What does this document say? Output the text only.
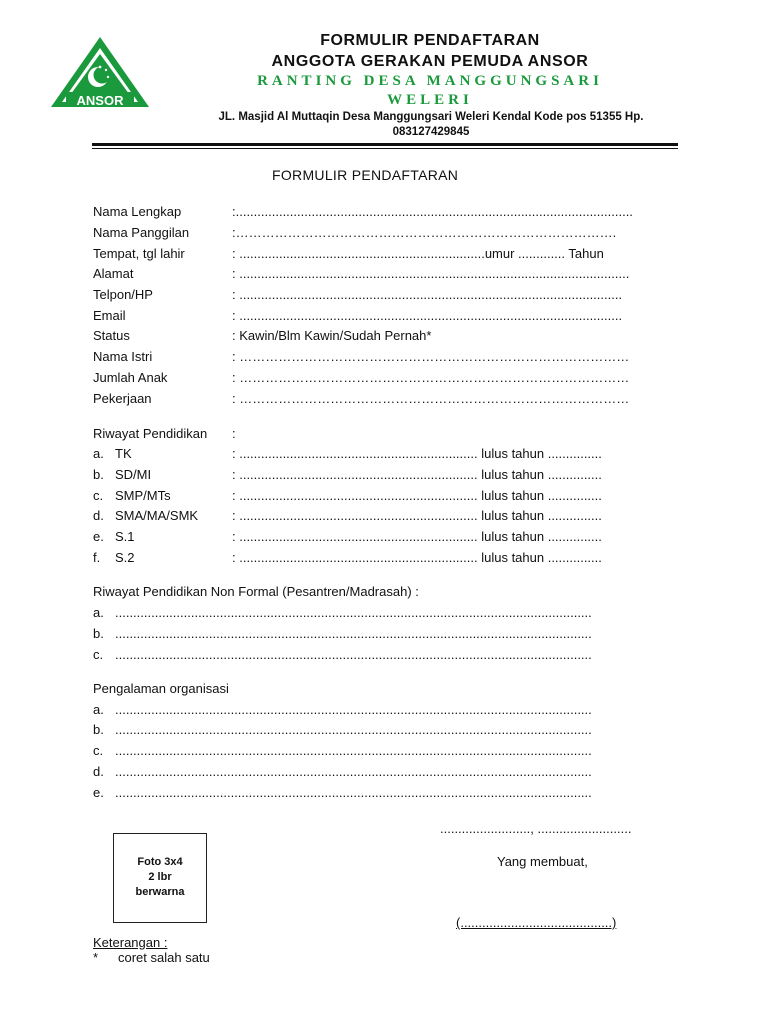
ANSOR
FORMULIR PENDAFTARAN
ANGGOTA GERAKAN PEMUDA ANSOR
RANTING DESA MANGGUNGSARI
WELERI
JL. Masjid Al Muttaqin Desa Manggungsari Weleri Kendal Kode pos 51355 Hp. 083127429845
FORMULIR PENDAFTARAN
Nama Lengkap	:..............................................................................................................
Nama Panggilan	:…………………………………………………………………………….
Tempat, tgl lahir	: ....................................................................umur ............. Tahun
Alamat	: ............................................................................................................
Telpon/HP	: ..........................................................................................................
Email	: ..........................................................................................................
Status	: Kawin/Blm Kawin/Sudah Pernah*
Nama Istri	: ………………………………………………………………………………
Jumlah Anak	: ………………………………………………………………………………
Pekerjaan	: ………………………………………………………………………………
Riwayat Pendidikan :
a. TK	: .................................................................. lulus tahun ...............
b. SD/MI	: .................................................................. lulus tahun ...............
c. SMP/MTs	: .................................................................. lulus tahun ...............
d. SMA/MA/SMK	: .................................................................. lulus tahun ...............
e. S.1	: .................................................................. lulus tahun ...............
f. S.2	: .................................................................. lulus tahun ...............
Riwayat Pendidikan Non Formal (Pesantren/Madrasah) :
a. ....................................................................................................................................
b. ....................................................................................................................................
c. ....................................................................................................................................
Pengalaman organisasi
a. ....................................................................................................................................
b. ....................................................................................................................................
c. ....................................................................................................................................
d. ....................................................................................................................................
e. ....................................................................................................................................
........................., ..........................
Yang membuat,
(..........................................)
Foto 3x4
2 lbr
berwarna
Keterangan :
* coret salah satu
